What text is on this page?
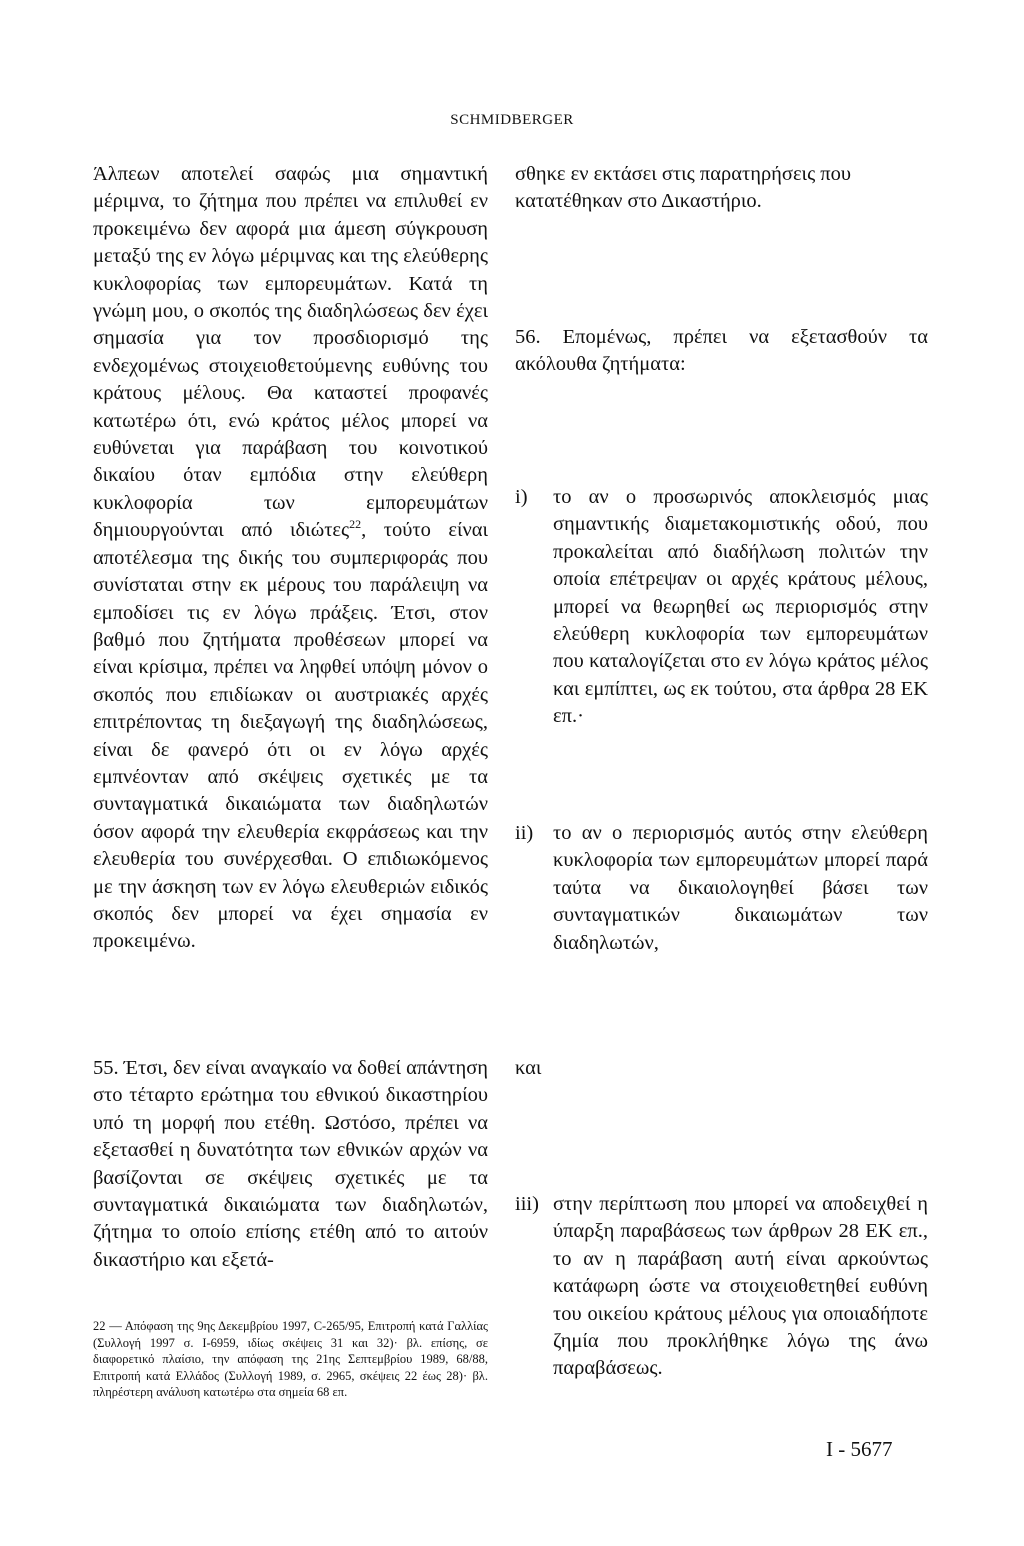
SCHMIDBERGER

Άλπεων αποτελεί σαφώς μια σημαντική μέριμνα, το ζήτημα που πρέπει να επιλυθεί εν προκειμένω δεν αφορά μια άμεση σύγκρουση μεταξύ της εν λόγω μέριμνας και της ελεύθερης κυκλοφορίας των εμπορευμάτων. Κατά τη γνώμη μου, ο σκοπός της διαδηλώσεως δεν έχει σημασία για τον προσδιορισμό της ενδεχομένως στοιχειοθετούμενης ευθύνης του κράτους μέλους. Θα καταστεί προφανές κατωτέρω ότι, ενώ κράτος μέλος μπορεί να ευθύνεται για παράβαση του κοινοτικού δικαίου όταν εμπόδια στην ελεύθερη κυκλοφορία των εμπορευμάτων δημιουργούνται από ιδιώτες$^{22}$, τούτο είναι αποτέλεσμα της δικής του συμπεριφοράς που συνίσταται στην εκ μέρους του παράλειψη να εμποδίσει τις εν λόγω πράξεις. Έτσι, στον βαθμό που ζητήματα προθέσεων μπορεί να είναι κρίσιμα, πρέπει να ληφθεί υπόψη μόνον ο σκοπός που επιδίωκαν οι αυστριακές αρχές επιτρέποντας τη διεξαγωγή της διαδηλώσεως, είναι δε φανερό ότι οι εν λόγω αρχές εμπνέονταν από σκέψεις σχετικές με τα συνταγματικά δικαιώματα των διαδηλωτών όσον αφορά την ελευθερία εκφράσεως και την ελευθερία του συνέρχεσθαι. Ο επιδιωκόμενος με την άσκηση των εν λόγω ελευθεριών ειδικός σκοπός δεν μπορεί να έχει σημασία εν προκειμένω.

σθηκε εν εκτάσει στις παρατηρήσεις που κατατέθηκαν στο Δικαστήριο.

56. Επομένως, πρέπει να εξετασθούν τα ακόλουθα ζητήματα:

i)	το αν ο προσωρινός αποκλεισμός μιας σημαντικής διαμετακομιστικής οδού, που προκαλείται από διαδήλωση πολιτών την οποία επέτρεψαν οι αρχές κράτους μέλους, μπορεί να θεωρηθεί ως περιορισμός στην ελεύθερη κυκλοφορία των εμπορευμάτων που καταλογίζεται στο εν λόγω κράτος μέλος και εμπίπτει, ως εκ τούτου, στα άρθρα 28 ΕΚ επ.·
ii) το αν ο περιορισμός αυτός στην ελεύθερη κυκλοφορία των εμπορευμάτων μπορεί παρά ταύτα να δικαιολογηθεί βάσει των συνταγματικών δικαιωμάτων των διαδηλωτών,

55. Έτσι, δεν είναι αναγκαίο να δοθεί απάντηση στο τέταρτο ερώτημα του εθνικού δικαστηρίου υπό τη μορφή που ετέθη. Ωστόσο, πρέπει να εξετασθεί η δυνατότητα των εθνικών αρχών να βασίζονται σε σκέψεις σχετικές με τα συνταγματικά δικαιώματα των διαδηλωτών, ζήτημα το οποίο επίσης ετέθη από το αιτούν δικαστήριο και εξετά-

και

iii) στην περίπτωση που μπορεί να αποδειχθεί η ύπαρξη παραβάσεως των άρθρων 28 ΕΚ επ., το αν η παράβαση αυτή είναι αρκούντως κατάφωρη ώστε να στοιχειοθετηθεί ευθύνη του οικείου κράτους μέλους για οποιαδήποτε ζημία που προκλήθηκε λόγω της άνω παραβάσεως.

22 — Απόφαση της 9ης Δεκεμβρίου 1997, C-265/95, Επιτροπή κατά Γαλλίας (Συλλογή 1997 σ. I-6959, ιδίως σκέψεις 31 και 32)· βλ. επίσης, σε διαφορετικό πλαίσιο, την απόφαση της 21ης Σεπτεμβρίου 1989, 68/88, Επιτροπή κατά Ελλάδος (Συλλογή 1989, σ. 2965, σκέψεις 22 έως 28)· βλ. πληρέστερη ανάλυση κατωτέρω στα σημεία 68 επ.

I - 5677
